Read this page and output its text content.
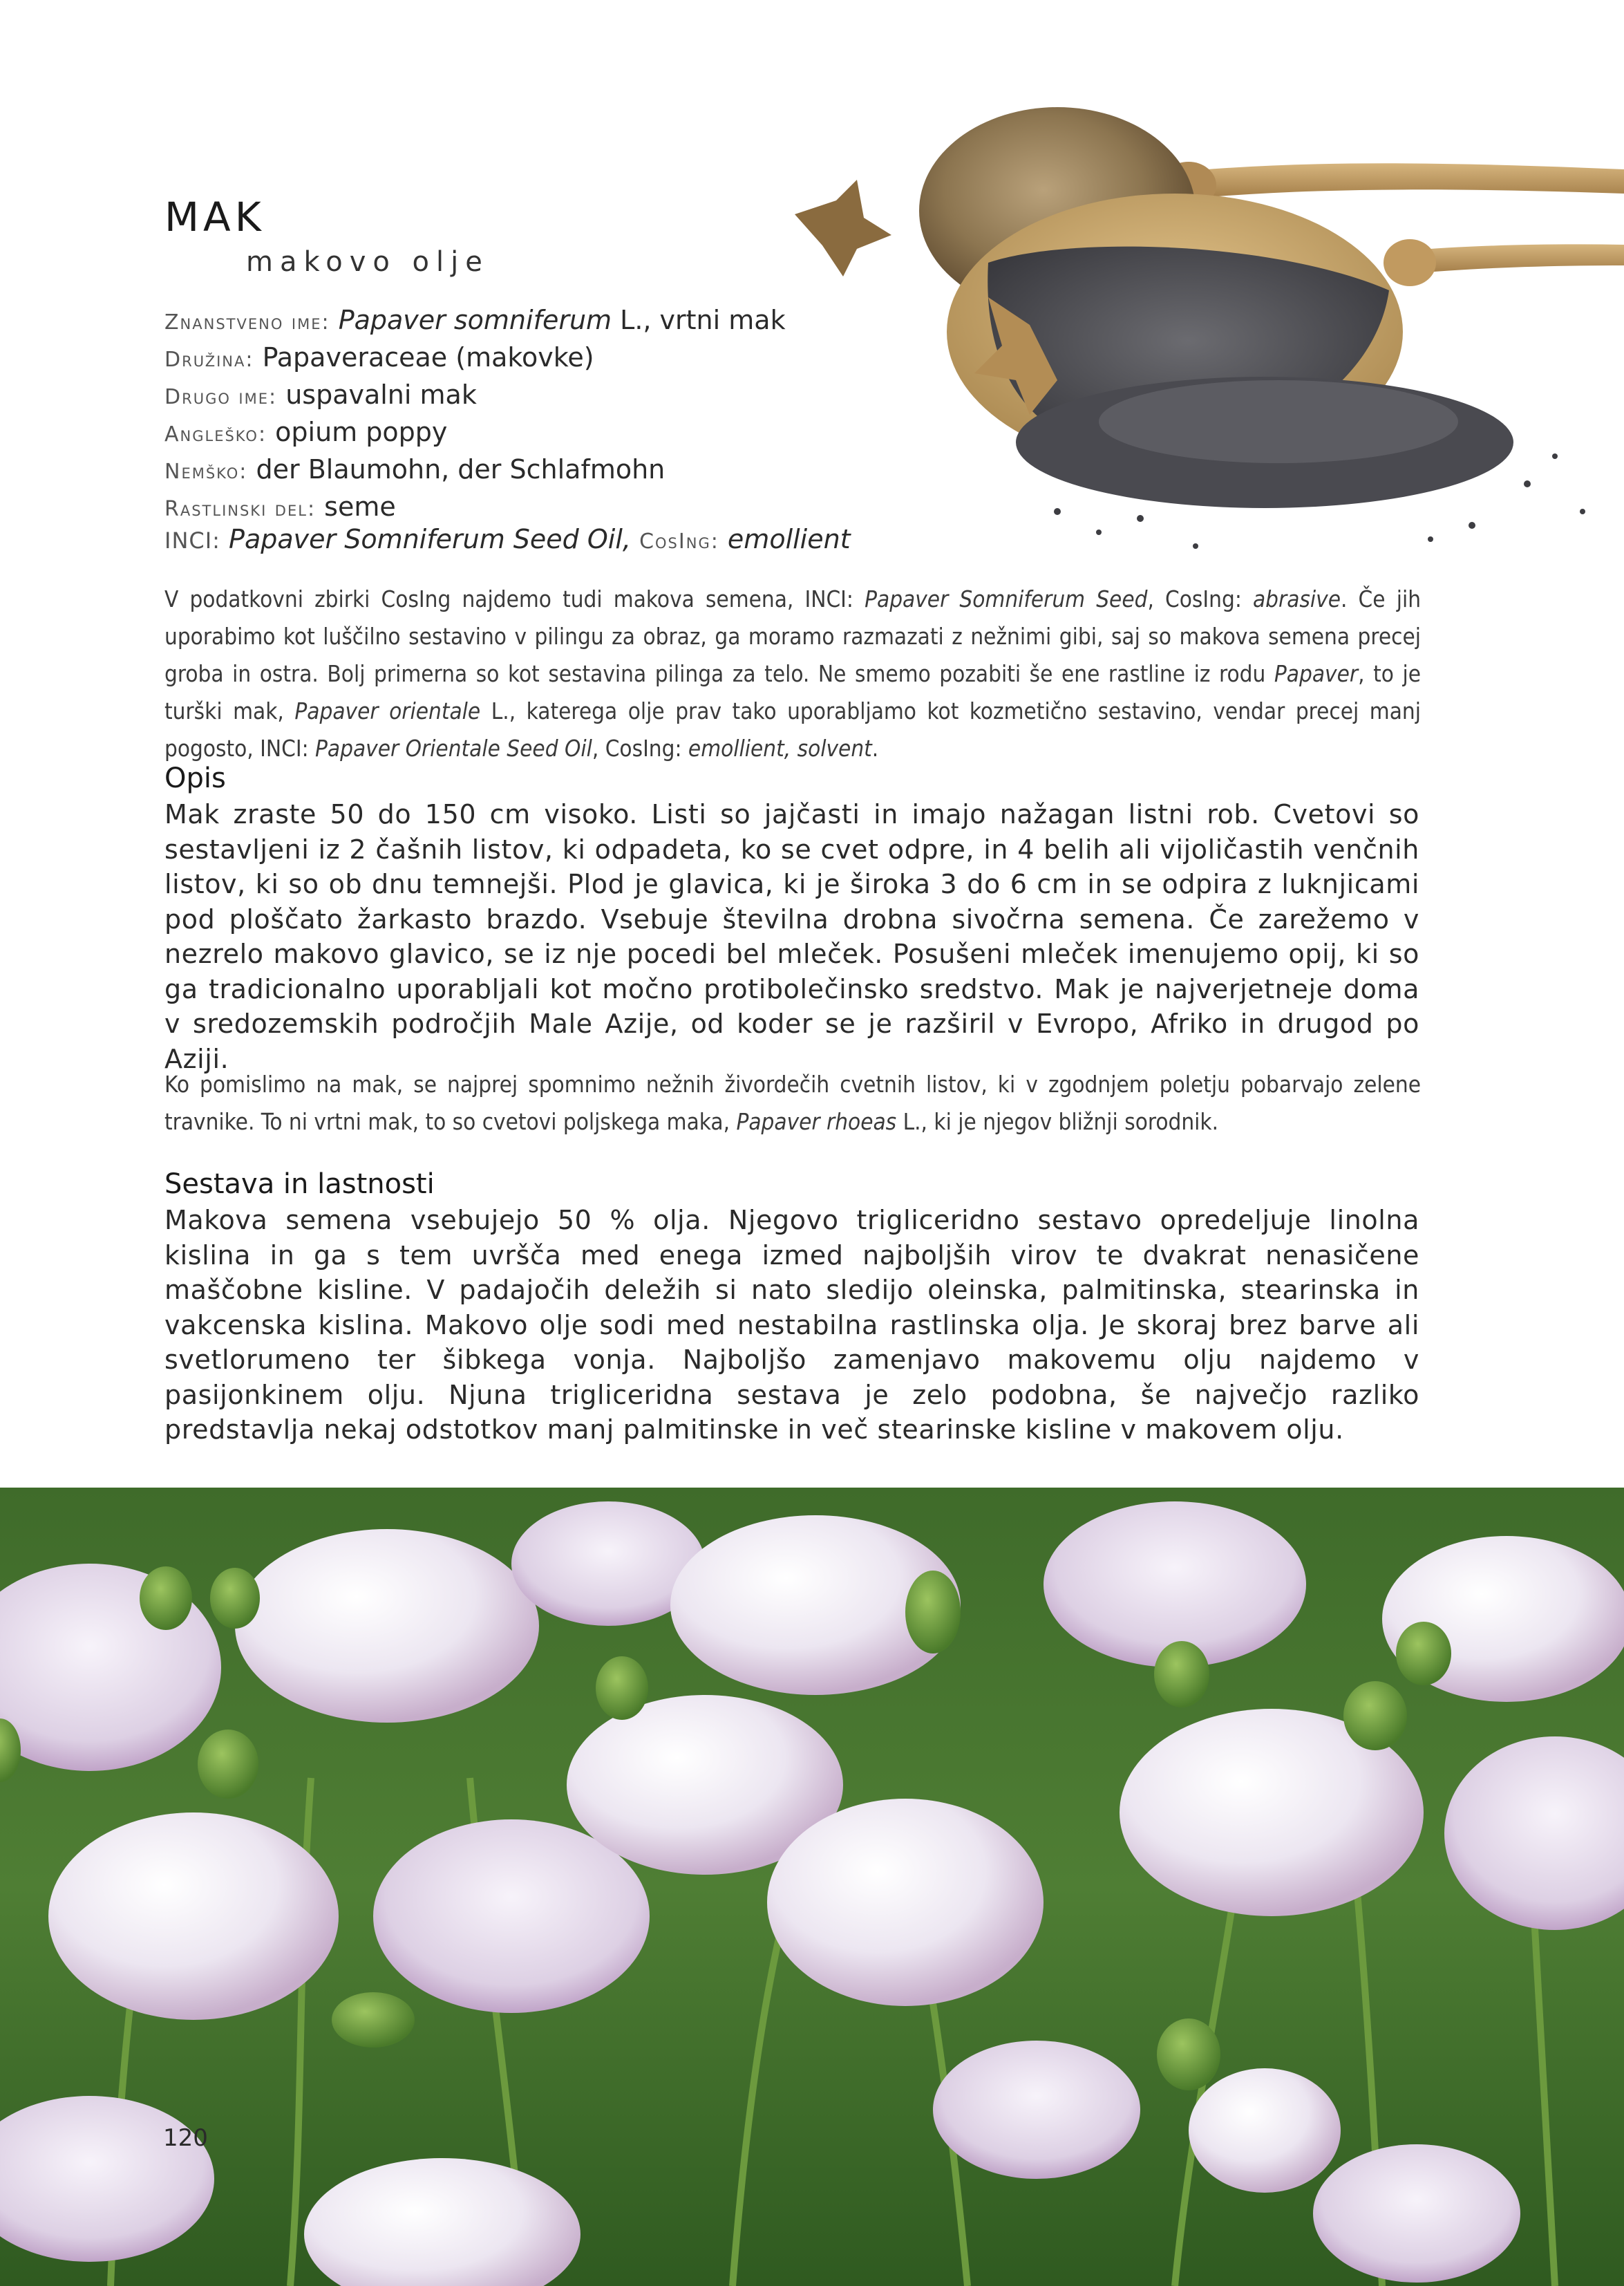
MAK
makovo olje
Znanstveno ime: Papaver somniferum L., vrtni mak
Družina: Papaveraceae (makovke)
Drugo ime: uspavalni mak
Angleško: opium poppy
Nemško: der Blaumohn, der Schlafmohn
Rastlinski del: seme
INCI: Papaver Somniferum Seed Oil, CosIng: emollient

V podatkovni zbirki CosIng najdemo tudi makova semena, INCI: Papaver Somniferum Seed, CosIng: abrasive. Če jih uporabimo kot luščilno sestavino v pilingu za obraz, ga moramo razmazati z nežnimi gibi, saj so makova semena precej groba in ostra. Bolj primerna so kot sestavina pilinga za telo. Ne smemo pozabiti še ene rastline iz rodu Papaver, to je turški mak, Papaver orientale L., katerega olje prav tako uporabljamo kot kozmetično sestavino, vendar precej manj pogosto, INCI: Papaver Orientale Seed Oil, CosIng: emollient, solvent.

Opis

Mak zraste 50 do 150 cm visoko. Listi so jajčasti in imajo nažagan listni rob. Cvetovi so sestavljeni iz 2 čašnih listov, ki odpadeta, ko se cvet odpre, in 4 belih ali vijoličastih venčnih listov, ki so ob dnu temnejši. Plod je glavica, ki je široka 3 do 6 cm in se odpira z luknjicami pod ploščato žarkasto brazdo. Vsebuje številna drobna sivočrna semena. Če zarežemo v nezrelo makovo glavico, se iz nje pocedi bel mleček. Posušeni mleček imenujemo opij, ki so ga tradicionalno uporabljali kot močno protibolečinsko sredstvo. Mak je najverjetneje doma v sredozemskih področjih Male Azije, od koder se je razširil v Evropo, Afriko in drugod po Aziji.

Ko pomislimo na mak, se najprej spomnimo nežnih živordečih cvetnih listov, ki v zgodnjem poletju pobarvajo zelene travnike. To ni vrtni mak, to so cvetovi poljskega maka, Papaver rhoeas L., ki je njegov bližnji sorodnik.

Sestava in lastnosti

Makova semena vsebujejo 50 % olja. Njegovo trigliceridno sestavo opredeljuje linolna kislina in ga s tem uvršča med enega izmed najboljših virov te dvakrat nenasičene maščobne kisline. V padajočih deležih si nato sledijo oleinska, palmitinska, stearinska in vakcenska kislina. Makovo olje sodi med nestabilna rastlinska olja. Je skoraj brez barve ali svetlorumeno ter šibkega vonja. Najboljšo zamenjavo makovemu olju najdemo v pasijonkinem olju. Njuna trigliceridna sestava je zelo podobna, še največjo razliko predstavlja nekaj odstotkov manj palmitinske in več stearinske kisline v makovem olju.

120
